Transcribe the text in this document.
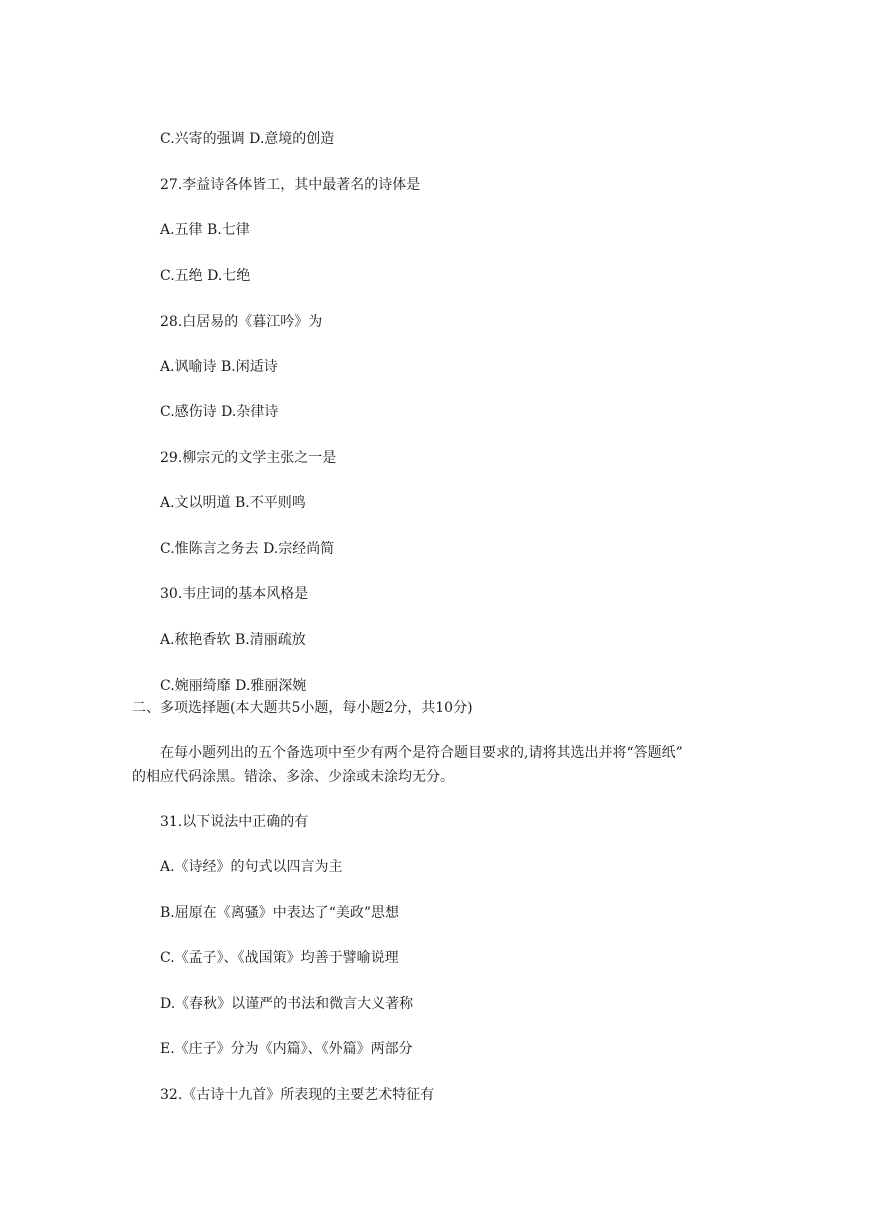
C.兴寄的强调 D.意境的创造
27.李益诗各体皆工，其中最著名的诗体是
A.五律 B.七律
C.五绝 D.七绝
28.白居易的《暮江吟》为
A.讽喻诗 B.闲适诗
C.感伤诗 D.杂律诗
29.柳宗元的文学主张之一是
A.文以明道 B.不平则鸣
C.惟陈言之务去 D.宗经尚简
30.韦庄词的基本风格是
A.秾艳香软 B.清丽疏放
C.婉丽绮靡 D.雅丽深婉
二、多项选择题(本大题共5小题，每小题2分，共10分)
在每小题列出的五个备选项中至少有两个是符合题目要求的,请将其选出并将“答题纸”
的相应代码涂黑。错涂、多涂、少涂或未涂均无分。
31.以下说法中正确的有
A.《诗经》的句式以四言为主
B.屈原在《离骚》中表达了“美政”思想
C.《孟子》、《战国策》均善于譬喻说理
D.《春秋》以谨严的书法和微言大义著称
E.《庄子》分为《内篇》、《外篇》两部分
32.《古诗十九首》所表现的主要艺术特征有
